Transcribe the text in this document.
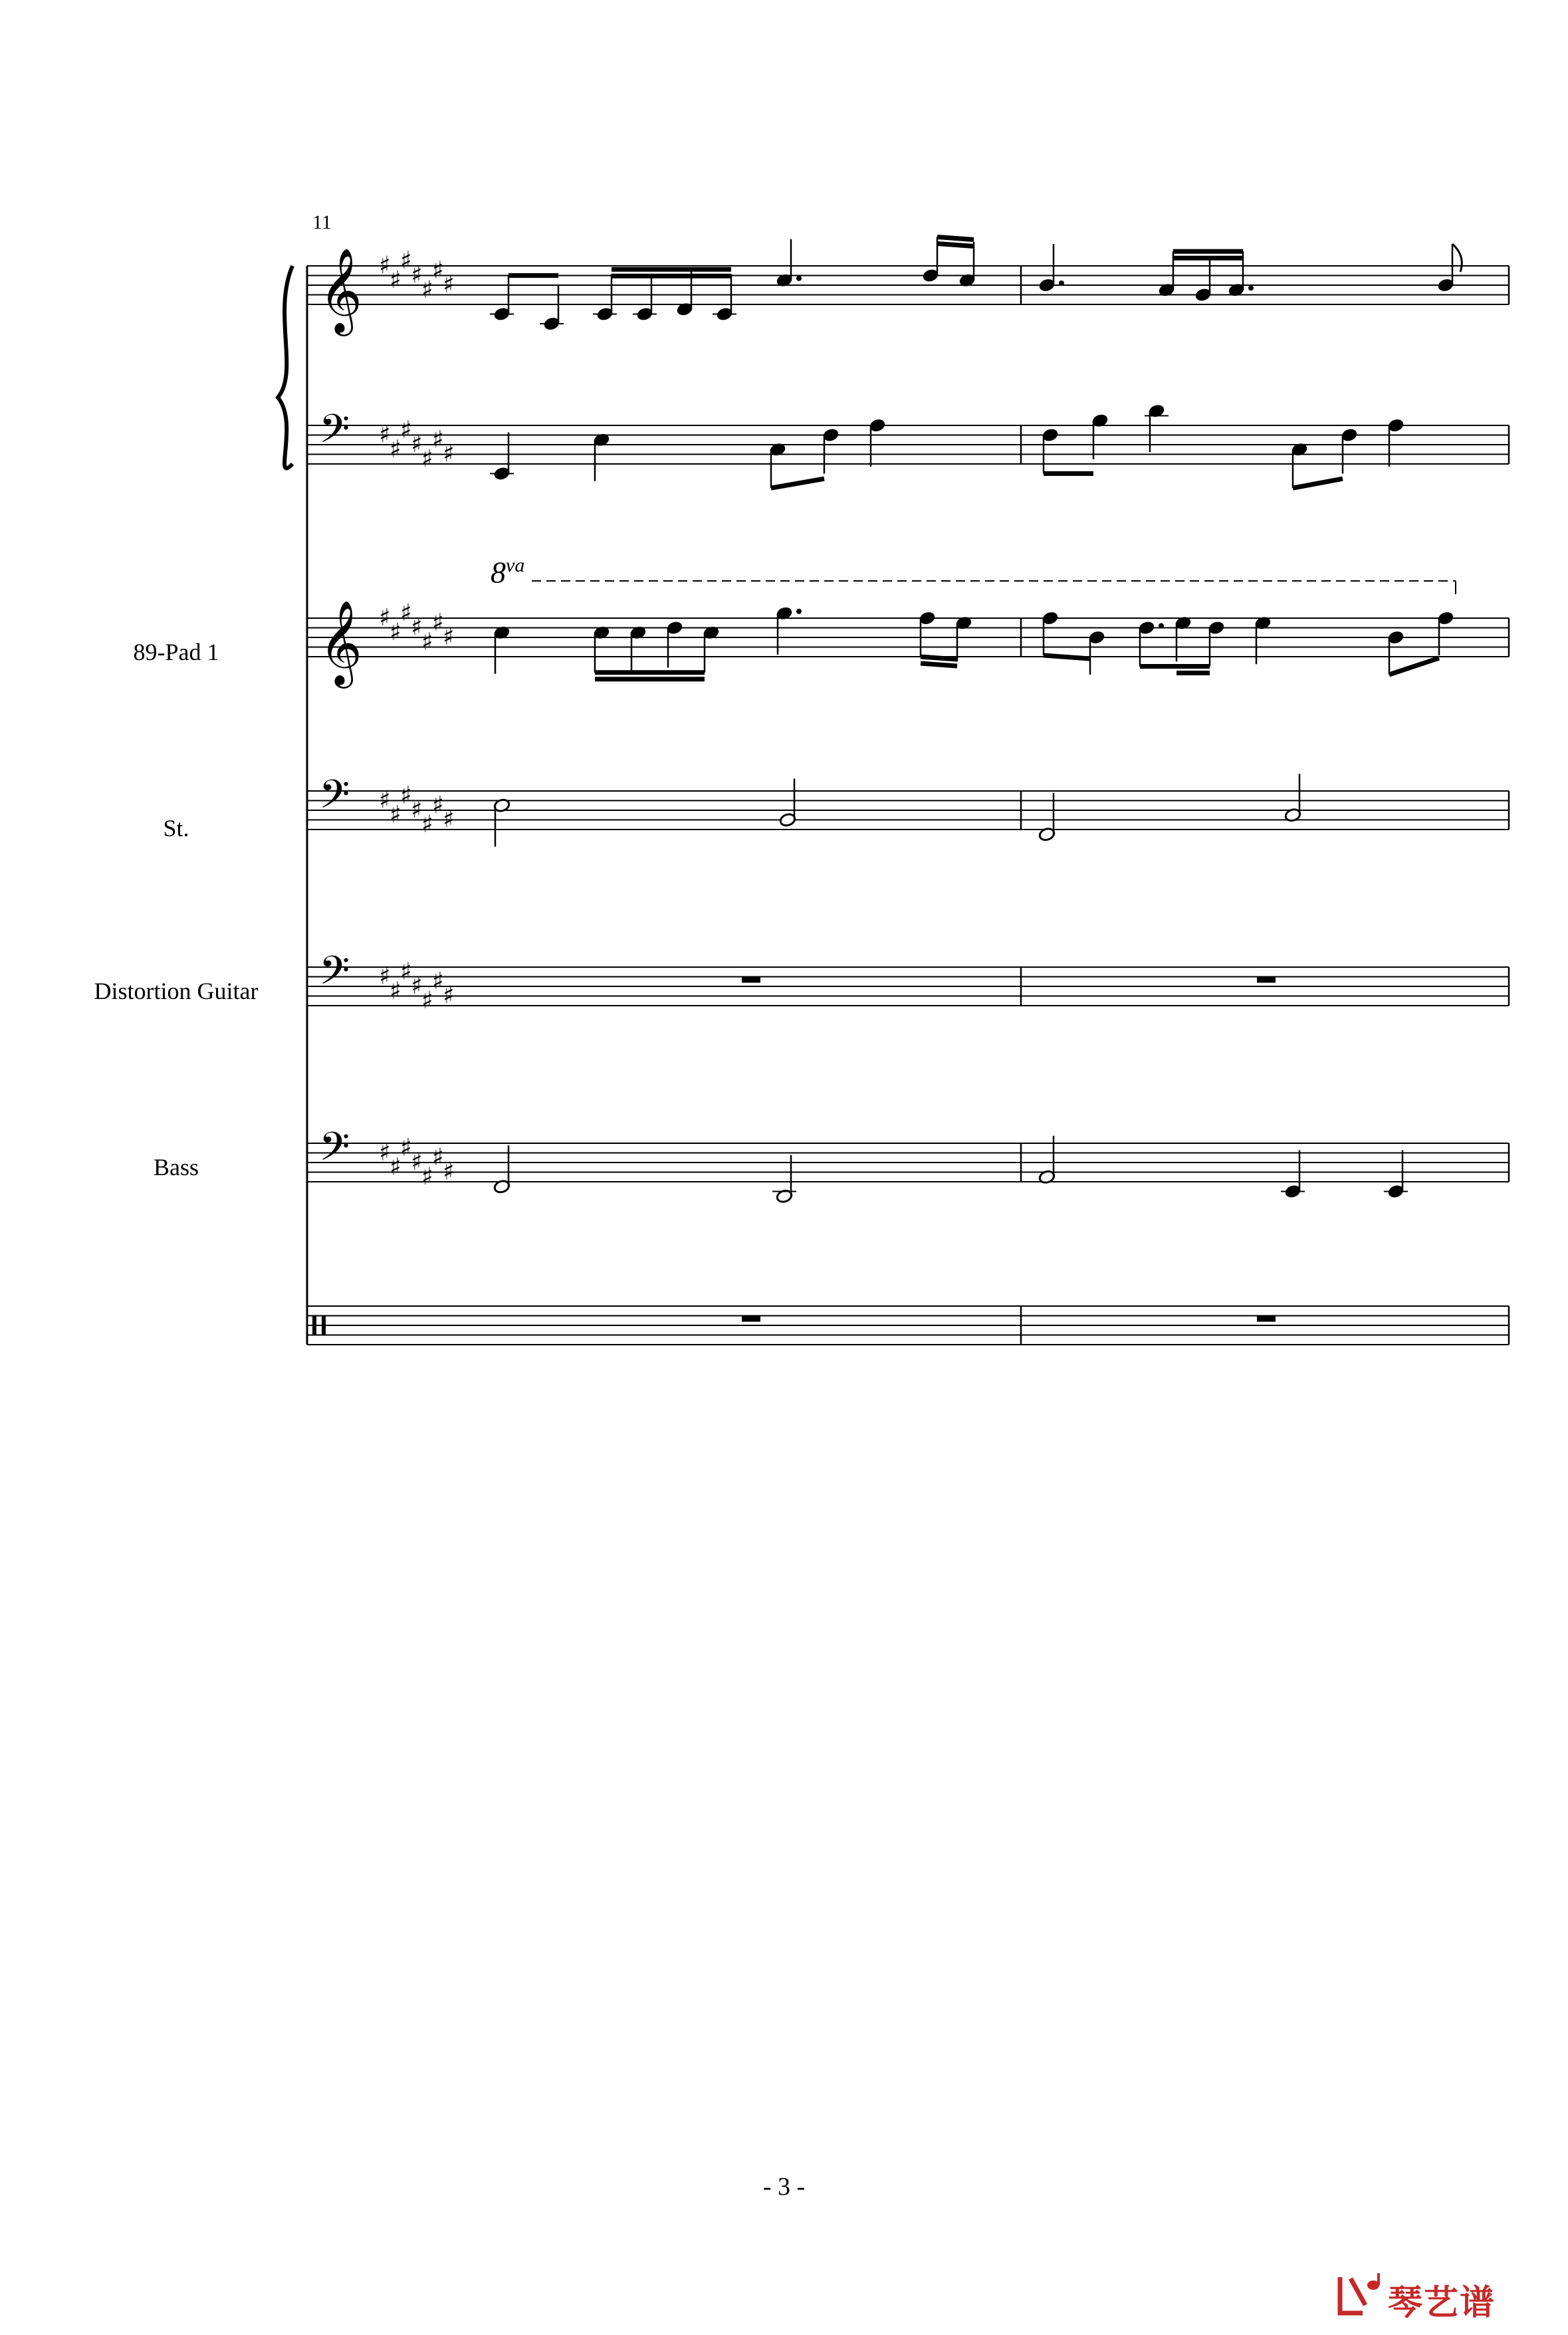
𝄞 ♯
♯
♯
♯
♯
♯
♯
𝄢 ♯
♯
♯
♯
♯
♯
♯
𝄞 ♯
♯
♯
♯
♯
♯
♯
𝄢 ♯
♯
♯
♯
♯
♯
♯
𝄢 ♯
♯
♯
♯
♯
♯
♯
𝄢 ♯
♯
♯
♯
♯
♯
♯
11
89-Pad 1
St.
Distortion Guitar
Bass
$8^{va}$
- 3 -
琴艺谱
